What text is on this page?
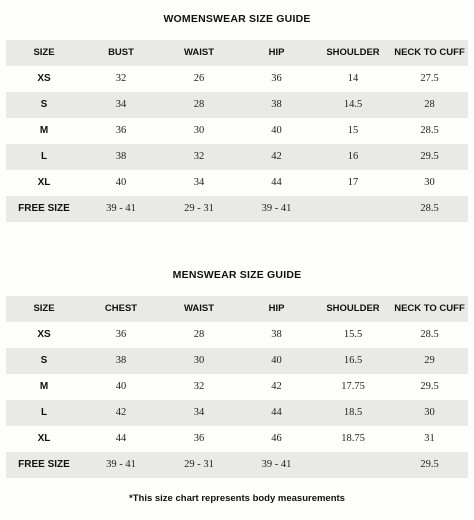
WOMENSWEAR SIZE GUIDE
SIZE	BUST	WAIST	HIP	SHOULDER	NECK TO CUFF
XS	32	26	36	14	27.5
S	34	28	38	14.5	28
M	36	30	40	15	28.5
L	38	32	42	16	29.5
XL	40	34	44	17	30
FREE SIZE	39 - 41	29 - 31	39 - 41		28.5
MENSWEAR SIZE GUIDE
SIZE	CHEST	WAIST	HIP	SHOULDER	NECK TO CUFF
XS	36	28	38	15.5	28.5
S	38	30	40	16.5	29
M	40	32	42	17.75	29.5
L	42	34	44	18.5	30
XL	44	36	46	18.75	31
FREE SIZE	39 - 41	29 - 31	39 - 41		29.5
*This size chart represents body measurements
